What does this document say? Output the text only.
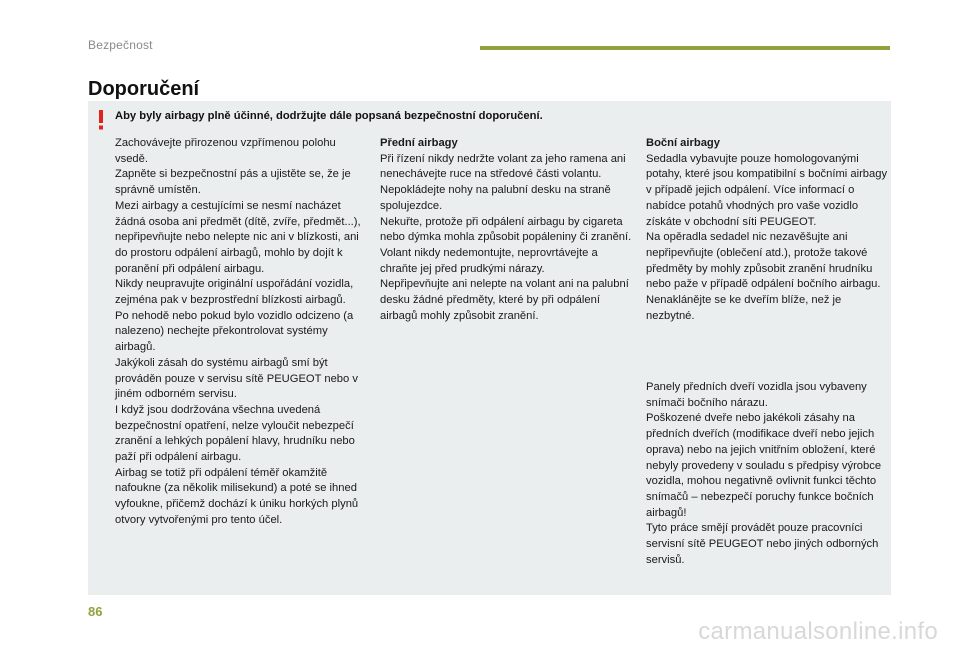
Bezpečnost
Doporučení
Aby byly airbagy plně účinné, dodržujte dále popsaná bezpečnostní doporučení.
Zachovávejte přirozenou vzpřímenou polohu vsedě.
Zapněte si bezpečnostní pás a ujistěte se, že je správně umístěn.
Mezi airbagy a cestujícími se nesmí nacházet žádná osoba ani předmět (dítě, zvíře, předmět...), nepřipevňujte nebo nelepte nic ani v blízkosti, ani do prostoru odpálení airbagů, mohlo by dojít k poranění při odpálení airbagu.
Nikdy neupravujte originální uspořádání vozidla, zejména pak v bezprostřední blízkosti airbagů.
Po nehodě nebo pokud bylo vozidlo odcizeno (a nalezeno) nechejte překontrolovat systémy airbagů.
Jakýkoli zásah do systému airbagů smí být prováděn pouze v servisu sítě PEUGEOT nebo v jiném odborném servisu.
I když jsou dodržována všechna uvedená bezpečnostní opatření, nelze vyloučit nebezpečí zranění a lehkých popálení hlavy, hrudníku nebo paží při odpálení airbagu.
Airbag se totiž při odpálení téměř okamžitě nafoukne (za několik milisekund) a poté se ihned vyfoukne, přičemž dochází k úniku horkých plynů otvory vytvořenými pro tento účel.
Přední airbagy
Při řízení nikdy nedržte volant za jeho ramena ani nenechávejte ruce na středové části volantu.
Nepokládejte nohy na palubní desku na straně spolujezdce.
Nekuřte, protože při odpálení airbagu by cigareta nebo dýmka mohla způsobit popáleniny či zranění.
Volant nikdy nedemontujte, neprovrtávejte a chraňte jej před prudkými nárazy.
Nepřipevňujte ani nelepte na volant ani na palubní desku žádné předměty, které by při odpálení airbagů mohly způsobit zranění.
Boční airbagy
Sedadla vybavujte pouze homologovanými potahy, které jsou kompatibilní s bočními airbagy v případě jejich odpálení. Více informací o nabídce potahů vhodných pro vaše vozidlo získáte v obchodní síti PEUGEOT.
Na opěradla sedadel nic nezavěšujte ani nepřipevňujte (oblečení atd.), protože takové předměty by mohly způsobit zranění hrudníku nebo paže v případě odpálení bočního airbagu.
Nenaklánějte se ke dveřím blíže, než je nezbytné.
Panely předních dveří vozidla jsou vybaveny snímači bočního nárazu.
Poškozené dveře nebo jakékoli zásahy na předních dveřích (modifikace dveří nebo jejich oprava) nebo na jejich vnitřním obložení, které nebyly provedeny v souladu s předpisy výrobce vozidla, mohou negativně ovlivnit funkci těchto snímačů – nebezpečí poruchy funkce bočních airbagů!
Tyto práce smějí provádět pouze pracovníci servisní sítě PEUGEOT nebo jiných odborných servisů.
86
carmanualsonline.info
